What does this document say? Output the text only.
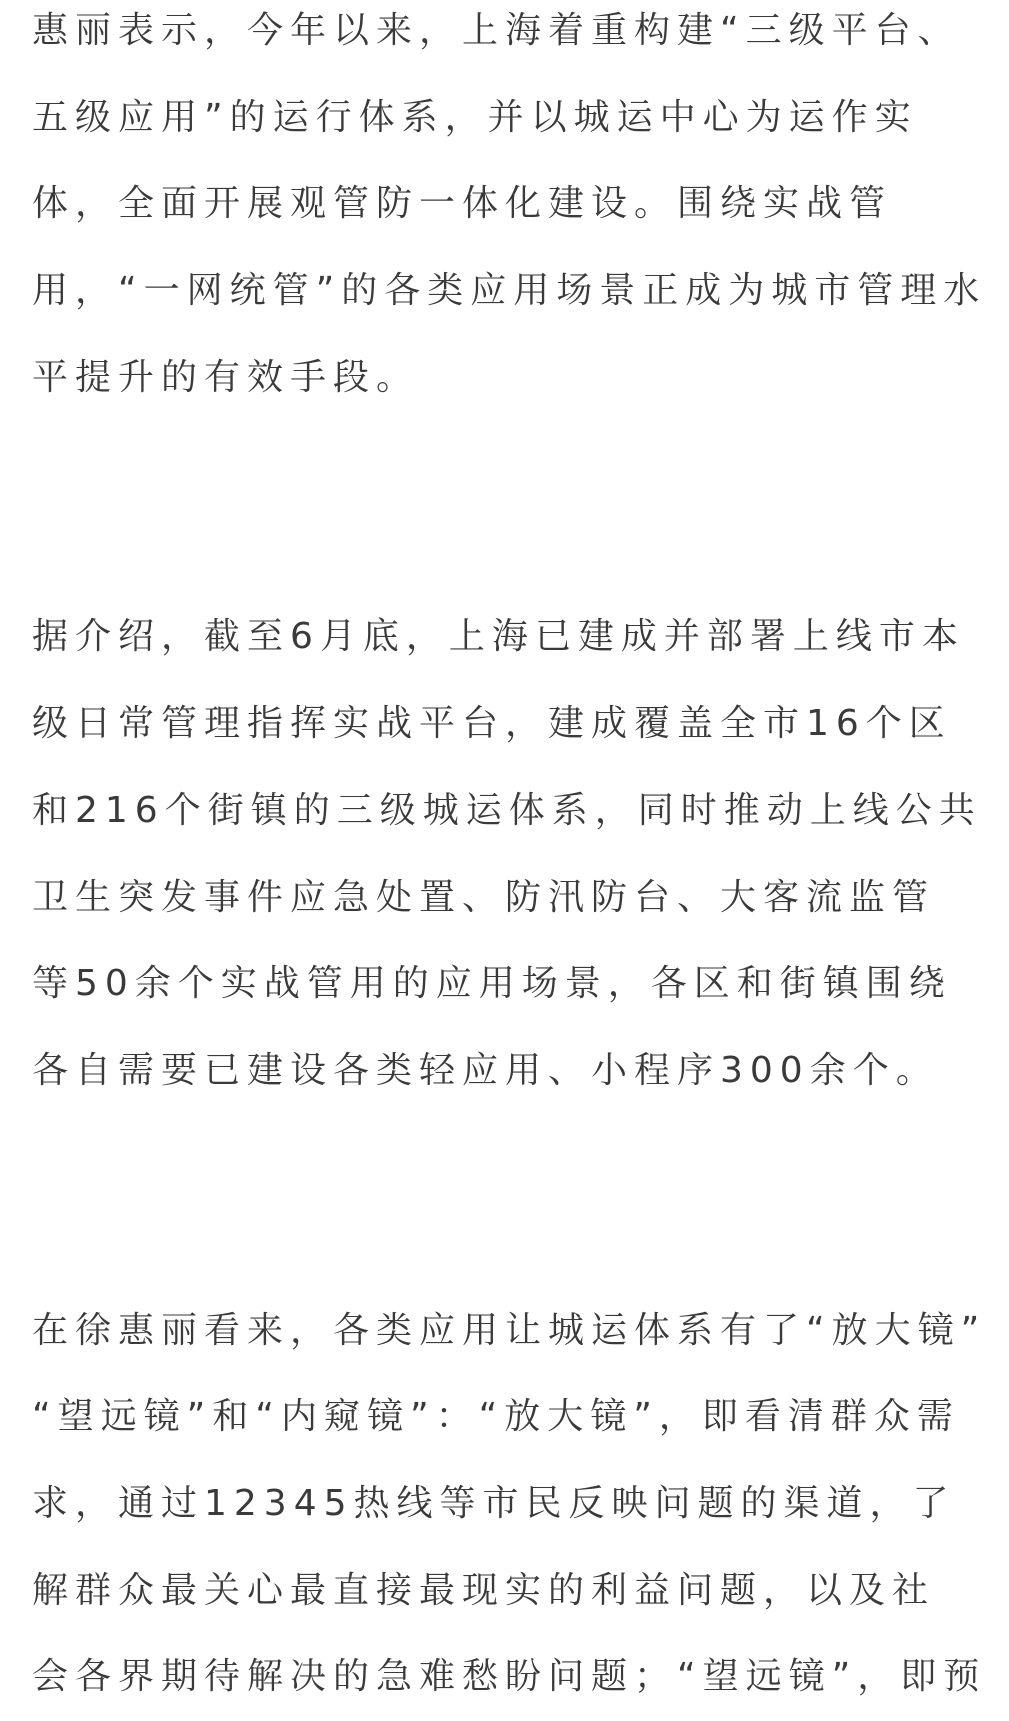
惠丽表示，今年以来，上海着重构建“三级平台、
五级应用”的运行体系，并以城运中心为运作实
体，全面开展观管防一体化建设。围绕实战管
用，“一网统管”的各类应用场景正成为城市管理水
平提升的有效手段。
据介绍，截至6月底，上海已建成并部署上线市本
级日常管理指挥实战平台，建成覆盖全市16个区
和216个街镇的三级城运体系，同时推动上线公共
卫生突发事件应急处置、防汛防台、大客流监管
等50余个实战管用的应用场景，各区和街镇围绕
各自需要已建设各类轻应用、小程序300余个。
在徐惠丽看来，各类应用让城运体系有了“放大镜”
“望远镜”和“内窥镜”：“放大镜”，即看清群众需
求，通过12345热线等市民反映问题的渠道，了
解群众最关心最直接最现实的利益问题，以及社
会各界期待解决的急难愁盼问题；“望远镜”，即预
